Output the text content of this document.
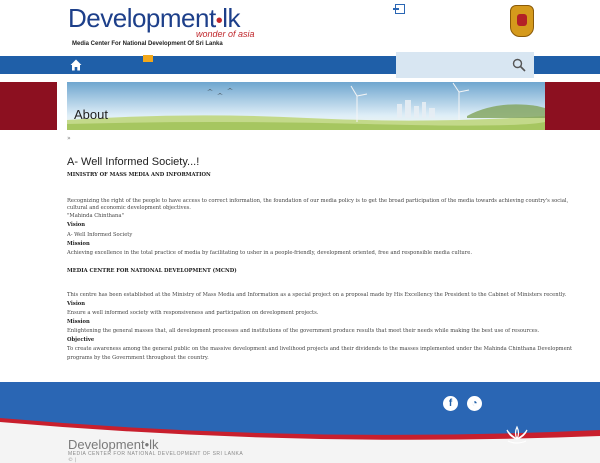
Development•lk
wonder of asia
Media Center For National Development Of Sri Lanka
About
»
A- Well Informed Society...!
MINISTRY OF MASS MEDIA AND INFORMATION
Recognizing the right of the people to have access to correct information, the foundation of our media policy is to get the broad participation of the media towards achieving country's social,
cultural and economic development objectives.
"Mahinda Chinthana"
Vision
A- Well Informed Society
Mission
Achieving excellence in the total practice of media by facilitating to usher in a people-friendly, development oriented, free and responsible media culture.
MEDIA CENTRE FOR NATIONAL DEVELOPMENT (MCND)
This centre has been established at the Ministry of Mass Media and Information as a special project on a proposal made by His Excellency the President to the Cabinet of Ministers recently.
Vision
Ensure a well informed society with responsiveness and participation on development projects.
Mission
Enlightening the general masses that, all development processes and institutions of the government produce results that meet their needs while making the best use of resources.
Objective
To create awareness among the general public on the massive development and livelihood projects and their dividends to the masses implemented under the Mahinda Chinthana Development
programs by the Government throughout the country.
f	◔
Development•lk
MEDIA CENTER FOR NATIONAL DEVELOPMENT OF SRI LANKA
© |
